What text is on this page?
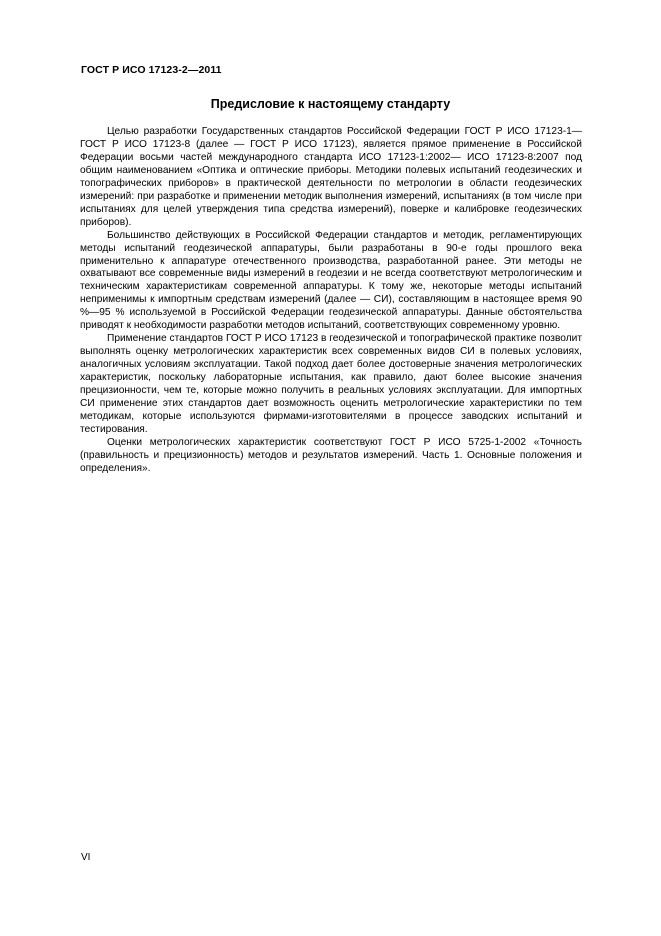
ГОСТ Р ИСО 17123-2—2011
Предисловие к настоящему стандарту

Целью разработки Государственных стандартов Российской Федерации ГОСТ Р ИСО 17123-1— ГОСТ Р ИСО 17123-8 (далее — ГОСТ Р ИСО 17123), является прямое применение в Российской Федерации восьми частей международного стандарта ИСО 17123-1:2002— ИСО 17123-8:2007 под общим наименованием «Оптика и оптические приборы. Методики полевых испытаний геодезических и топографических приборов» в практической деятельности по метрологии в области геодезических измерений: при разработке и применении методик выполнения измерений, испытаниях (в том числе при испытаниях для целей утверждения типа средства измерений), поверке и калибровке геодезических приборов).

Большинство действующих в Российской Федерации стандартов и методик, регламентирующих методы испытаний геодезической аппаратуры, были разработаны в 90-е годы прошлого века применительно к аппаратуре отечественного производства, разработанной ранее. Эти методы не охватывают все современные виды измерений в геодезии и не всегда соответствуют метрологическим и техническим характеристикам современной аппаратуры. К тому же, некоторые методы испытаний неприменимы к импортным средствам измерений (далее — СИ), составляющим в настоящее время 90 %—95 % используемой в Российской Федерации геодезической аппаратуры. Данные обстоятельства приводят к необходимости разработки методов испытаний, соответствующих современному уровню.

Применение стандартов ГОСТ Р ИСО 17123 в геодезической и топографической практике позволит выполнять оценку метрологических характеристик всех современных видов СИ в полевых условиях, аналогичных условиям эксплуатации. Такой подход дает более достоверные значения метрологических характеристик, поскольку лабораторные испытания, как правило, дают более высокие значения прецизионности, чем те, которые можно получить в реальных условиях эксплуатации. Для импортных СИ применение этих стандартов дает возможность оценить метрологические характеристики по тем методикам, которые используются фирмами-изготовителями в процессе заводских испытаний и тестирования.

Оценки метрологических характеристик соответствуют ГОСТ Р ИСО 5725-1-2002 «Точность (правильность и прецизионность) методов и результатов измерений. Часть 1. Основные положения и определения».

VI
